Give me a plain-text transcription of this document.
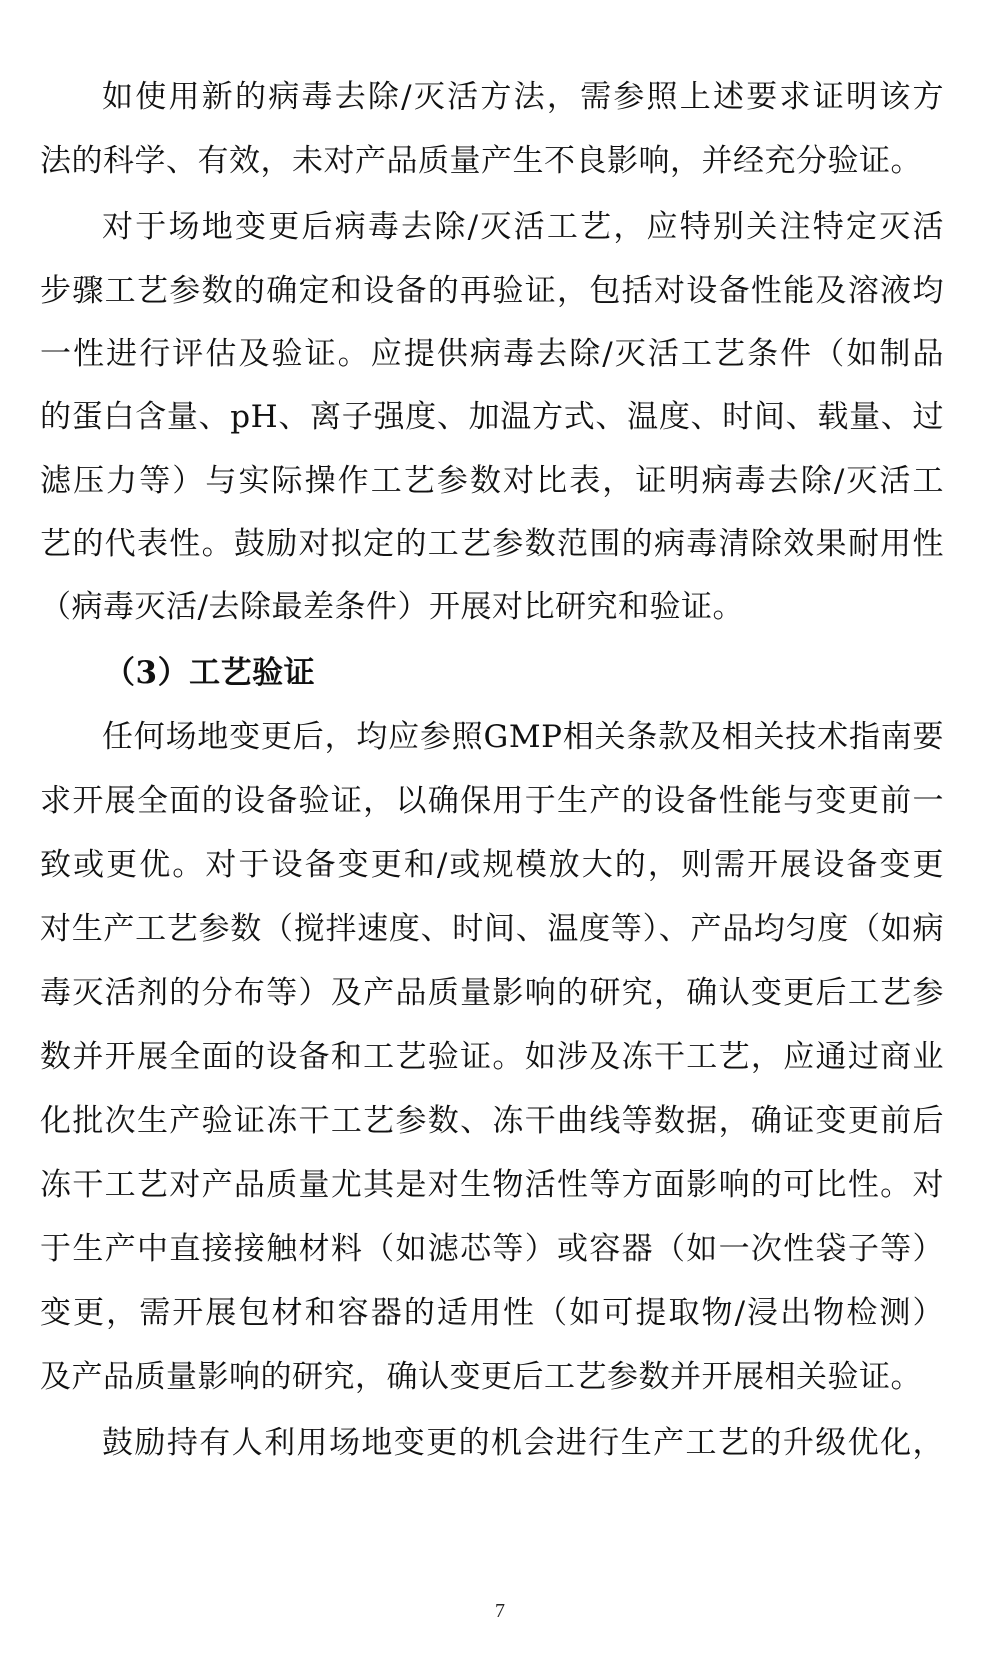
如使用新的病毒去除/灭活方法，需参照上述要求证明该方
法的科学、有效，未对产品质量产生不良影响，并经充分验证。
对于场地变更后病毒去除/灭活工艺，应特别关注特定灭活
步骤工艺参数的确定和设备的再验证，包括对设备性能及溶液均
一性进行评估及验证。应提供病毒去除/灭活工艺条件（如制品
的蛋白含量、pH、离子强度、加温方式、温度、时间、载量、过
滤压力等）与实际操作工艺参数对比表，证明病毒去除/灭活工
艺的代表性。鼓励对拟定的工艺参数范围的病毒清除效果耐用性
（病毒灭活/去除最差条件）开展对比研究和验证。
（3）工艺验证
任何场地变更后，均应参照GMP相关条款及相关技术指南要
求开展全面的设备验证，以确保用于生产的设备性能与变更前一
致或更优。对于设备变更和/或规模放大的，则需开展设备变更
对生产工艺参数（搅拌速度、时间、温度等）、产品均匀度（如病
毒灭活剂的分布等）及产品质量影响的研究，确认变更后工艺参
数并开展全面的设备和工艺验证。如涉及冻干工艺，应通过商业
化批次生产验证冻干工艺参数、冻干曲线等数据，确证变更前后
冻干工艺对产品质量尤其是对生物活性等方面影响的可比性。对
于生产中直接接触材料（如滤芯等）或容器（如一次性袋子等）
变更，需开展包材和容器的适用性（如可提取物/浸出物检测）
及产品质量影响的研究，确认变更后工艺参数并开展相关验证。
鼓励持有人利用场地变更的机会进行生产工艺的升级优化，
7
